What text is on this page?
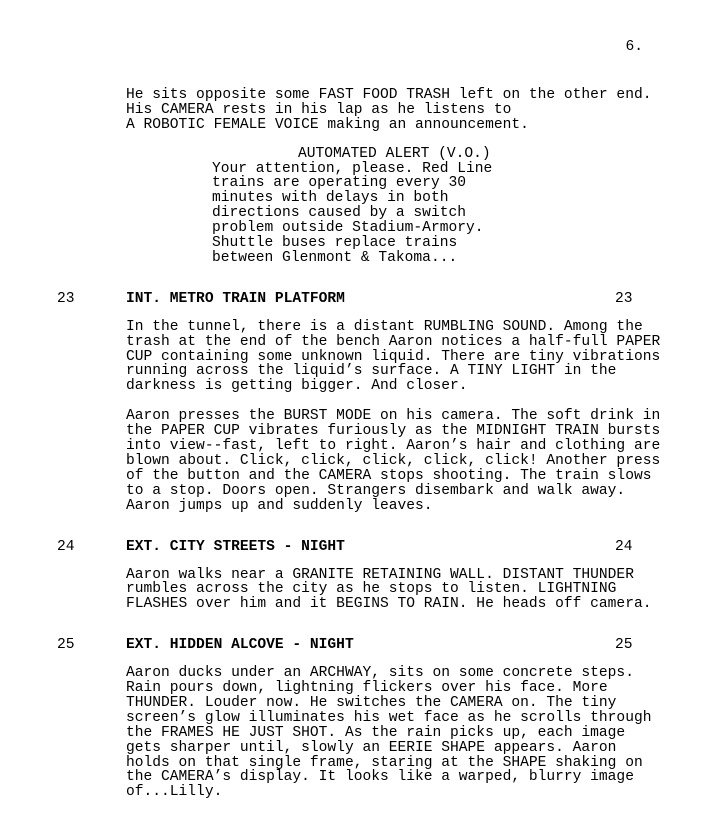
6.
He sits opposite some FAST FOOD TRASH left on the other end.
His CAMERA rests in his lap as he listens to
A ROBOTIC FEMALE VOICE making an announcement.
AUTOMATED ALERT (V.O.)
Your attention, please. Red Line
trains are operating every 30
minutes with delays in both
directions caused by a switch
problem outside Stadium-Armory.
Shuttle buses replace trains
between Glenmont & Takoma...
23	INT. METRO TRAIN PLATFORM	23
In the tunnel, there is a distant RUMBLING SOUND. Among the
trash at the end of the bench Aaron notices a half-full PAPER
CUP containing some unknown liquid. There are tiny vibrations
running across the liquid’s surface. A TINY LIGHT in the
darkness is getting bigger. And closer.
Aaron presses the BURST MODE on his camera. The soft drink in
the PAPER CUP vibrates furiously as the MIDNIGHT TRAIN bursts
into view--fast, left to right. Aaron’s hair and clothing are
blown about. Click, click, click, click, click! Another press
of the button and the CAMERA stops shooting. The train slows
to a stop. Doors open. Strangers disembark and walk away.
Aaron jumps up and suddenly leaves.
24	EXT. CITY STREETS - NIGHT	24
Aaron walks near a GRANITE RETAINING WALL. DISTANT THUNDER
rumbles across the city as he stops to listen. LIGHTNING
FLASHES over him and it BEGINS TO RAIN. He heads off camera.
25	EXT. HIDDEN ALCOVE - NIGHT	25
Aaron ducks under an ARCHWAY, sits on some concrete steps.
Rain pours down, lightning flickers over his face. More
THUNDER. Louder now. He switches the CAMERA on. The tiny
screen’s glow illuminates his wet face as he scrolls through
the FRAMES HE JUST SHOT. As the rain picks up, each image
gets sharper until, slowly an EERIE SHAPE appears. Aaron
holds on that single frame, staring at the SHAPE shaking on
the CAMERA’s display. It looks like a warped, blurry image
of...Lilly.
